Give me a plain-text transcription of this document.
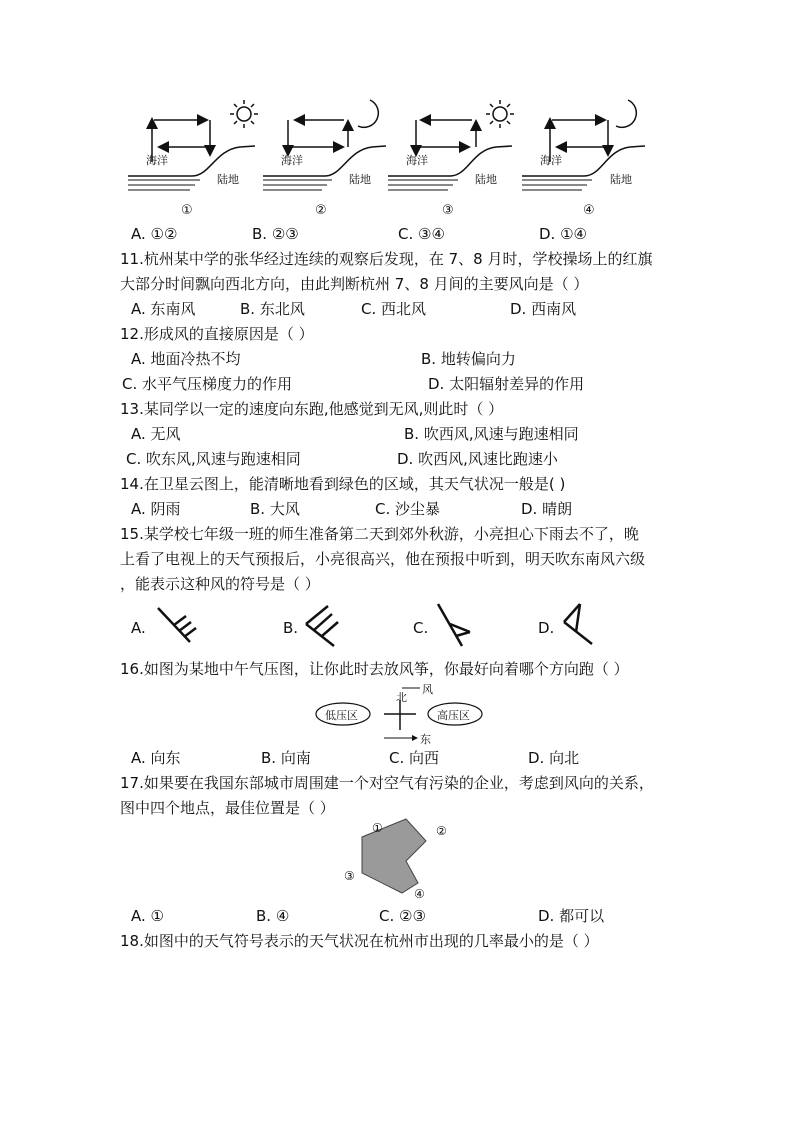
海洋
陆地
海洋
陆地
海洋
陆地
海洋
陆地
①	②	③	④
A. ①②	B. ②③	C. ③④	D. ①④
11.杭州某中学的张华经过连续的观察后发现，在 7、8 月时，学校操场上的红旗
大部分时间飘向西北方向，由此判断杭州 7、8 月间的主要风向是（ ）
A. 东南风	B. 东北风	C. 西北风	D. 西南风
12.形成风的直接原因是（ ）
A. 地面冷热不均	B. 地转偏向力
C. 水平气压梯度力的作用	D. 太阳辐射差异的作用
13.某同学以一定的速度向东跑,他感觉到无风,则此时（ ）
A. 无风	B. 吹西风,风速与跑速相同
C. 吹东风,风速与跑速相同	D. 吹西风,风速比跑速小
14.在卫星云图上，能清晰地看到绿色的区域，其天气状况一般是( )
A. 阴雨	B. 大风	C. 沙尘暴	D. 晴朗
15.某学校七年级一班的师生准备第二天到郊外秋游，小亮担心下雨去不了，晚
上看了电视上的天气预报后，小亮很高兴，他在预报中听到，明天吹东南风六级
，能表示这种风的符号是（ ）
A.	B.	C.	D.
16.如图为某地中午气压图，让你此时去放风筝，你最好向着哪个方向跑（ ）
低压区	高压区
北
风
东
A. 向东	B. 向南	C. 向西	D. 向北
17.如果要在我国东部城市周围建一个对空气有污染的企业，考虑到风向的关系，
图中四个地点，最佳位置是（ ）
①	②
③
④
A. ①	B. ④	C. ②③	D. 都可以
18.如图中的天气符号表示的天气状况在杭州市出现的几率最小的是（ ）
